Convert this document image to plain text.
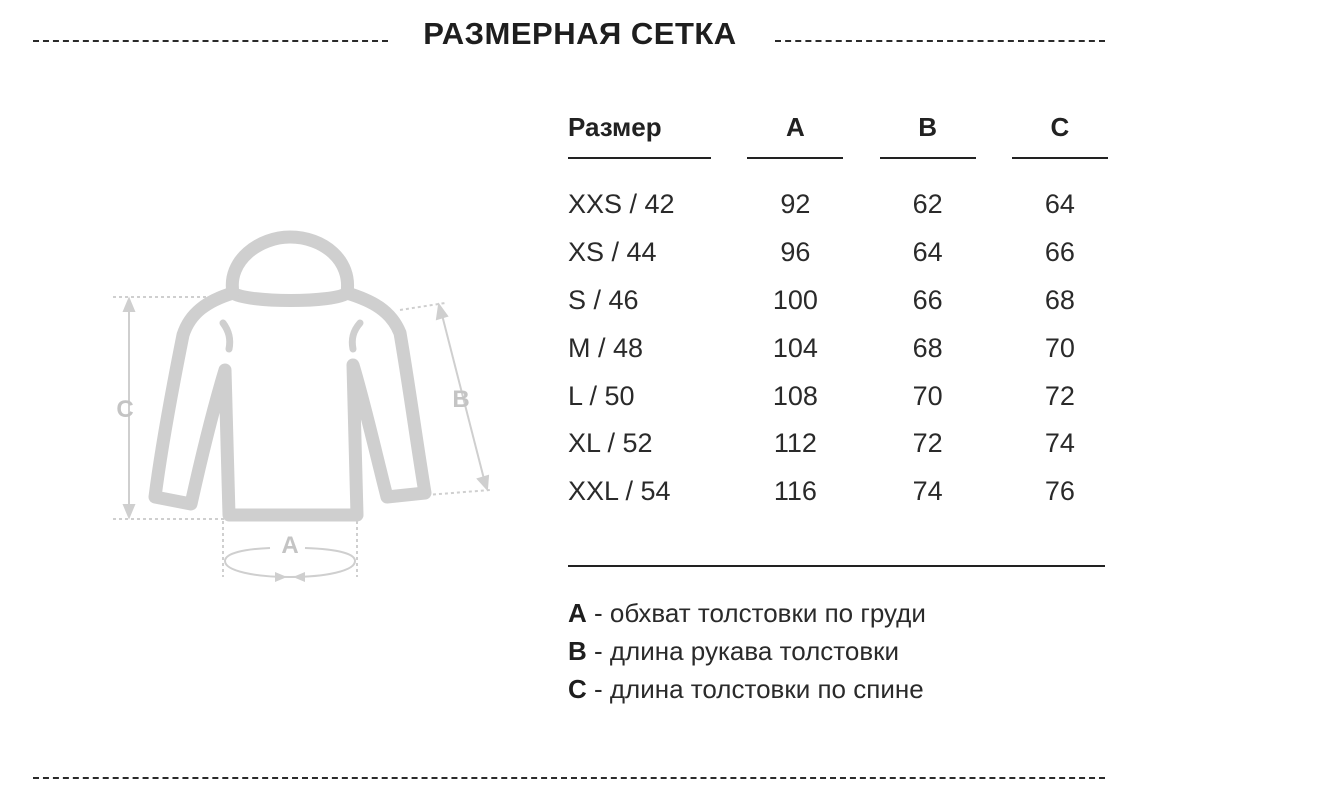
РАЗМЕРНАЯ СЕТКА
C	B
A
Размер		A		B		C

XXS / 42		92		62		64
XS / 44		96		64		66
S / 46		100		66		68
M / 48		104		68		70
L / 50		108		70		72
XL / 52		112		72		74
XXL / 54		116		74		76
A - обхват толстовки по груди
B - длина рукава толстовки
C - длина толстовки по спине
